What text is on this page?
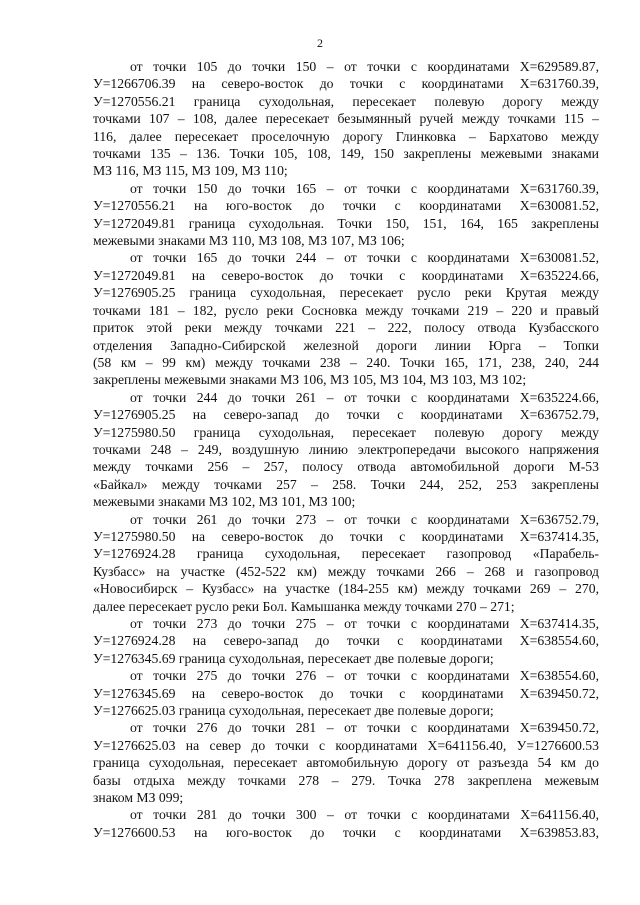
2

от точки 105 до точки 150 – от точки с координатами X=629589.87,
У=1266706.39 на северо-восток до точки с координатами X=631760.39,
У=1270556.21 граница суходольная, пересекает полевую дорогу между
точками 107 – 108, далее пересекает безымянный ручей между точками 115 –
116, далее пересекает проселочную дорогу Глинковка – Бархатово между
точками 135 – 136. Точки 105, 108, 149, 150 закреплены межевыми знаками
МЗ 116, МЗ 115, МЗ 109, МЗ 110;

от точки 150 до точки 165 – от точки с координатами X=631760.39,
У=1270556.21 на юго-восток до точки с координатами X=630081.52,
У=1272049.81 граница суходольная. Точки 150, 151, 164, 165 закреплены
межевыми знаками МЗ 110, МЗ 108, МЗ 107, МЗ 106;

от точки 165 до точки 244 – от точки с координатами X=630081.52,
У=1272049.81 на северо-восток до точки с координатами X=635224.66,
У=1276905.25 граница суходольная, пересекает русло реки Крутая между
точками 181 – 182, русло реки Сосновка между точками 219 – 220 и правый
приток этой реки между точками 221 – 222, полосу отвода Кузбасского
отделения Западно-Сибирской железной дороги линии Юрга – Топки
(58 км – 99 км) между точками 238 – 240. Точки 165, 171, 238, 240, 244
закреплены межевыми знаками МЗ 106, МЗ 105, МЗ 104, МЗ 103, МЗ 102;

от точки 244 до точки 261 – от точки с координатами X=635224.66,
У=1276905.25 на северо-запад до точки с координатами X=636752.79,
У=1275980.50 граница суходольная, пересекает полевую дорогу между
точками 248 – 249, воздушную линию электропередачи высокого напряжения
между точками 256 – 257, полосу отвода автомобильной дороги М-53
«Байкал» между точками 257 – 258. Точки 244, 252, 253 закреплены
межевыми знаками МЗ 102, МЗ 101, МЗ 100;

от точки 261 до точки 273 – от точки с координатами X=636752.79,
У=1275980.50 на северо-восток до точки с координатами X=637414.35,
У=1276924.28 граница суходольная, пересекает газопровод «Парабель-
Кузбасс» на участке (452-522 км) между точками 266 – 268 и газопровод
«Новосибирск – Кузбасс» на участке (184-255 км) между точками 269 – 270,
далее пересекает русло реки Бол. Камышанка между точками 270 – 271;

от точки 273 до точки 275 – от точки с координатами X=637414.35,
У=1276924.28 на северо-запад до точки с координатами X=638554.60,
У=1276345.69 граница суходольная, пересекает две полевые дороги;

от точки 275 до точки 276 – от точки с координатами X=638554.60,
У=1276345.69 на северо-восток до точки с координатами X=639450.72,
У=1276625.03 граница суходольная, пересекает две полевые дороги;

от точки 276 до точки 281 – от точки с координатами X=639450.72,
У=1276625.03 на север до точки с координатами X=641156.40, У=1276600.53
граница суходольная, пересекает автомобильную дорогу от разъезда 54 км до
базы отдыха между точками 278 – 279. Точка 278 закреплена межевым
знаком МЗ 099;

от точки 281 до точки 300 – от точки с координатами X=641156.40,
У=1276600.53 на юго-восток до точки с координатами X=639853.83,
